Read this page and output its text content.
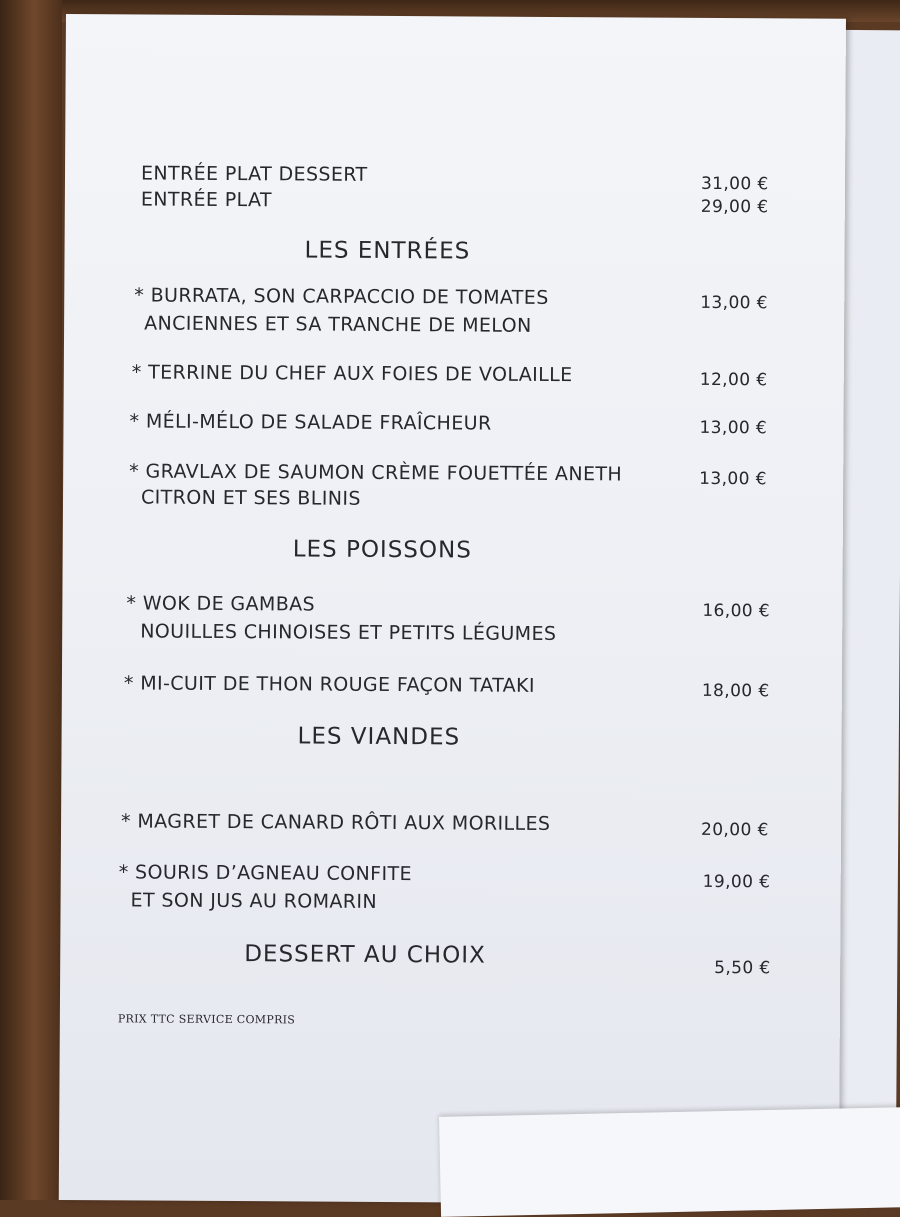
ENTRÉE PLAT DESSERT	31,00 €
ENTRÉE PLAT	29,00 €
LES ENTRÉES
* BURRATA, SON CARPACCIO DE TOMATES
ANCIENNES ET SA TRANCHE DE MELON
13,00 €
* TERRINE DU CHEF AUX FOIES DE VOLAILLE	12,00 €
* MÉLI-MÉLO DE SALADE FRAÎCHEUR	13,00 €
* GRAVLAX DE SAUMON CRÈME FOUETTÉE ANETH
CITRON ET SES BLINIS
13,00 €
LES POISSONS
* WOK DE GAMBAS
NOUILLES CHINOISES ET PETITS LÉGUMES
16,00 €
* MI-CUIT DE THON ROUGE FAÇON TATAKI	18,00 €
LES VIANDES
* MAGRET DE CANARD RÔTI AUX MORILLES	20,00 €
* SOURIS D’AGNEAU CONFITE
ET SON JUS AU ROMARIN
19,00 €
DESSERT AU CHOIX	5,50 €
PRIX TTC SERVICE COMPRIS
